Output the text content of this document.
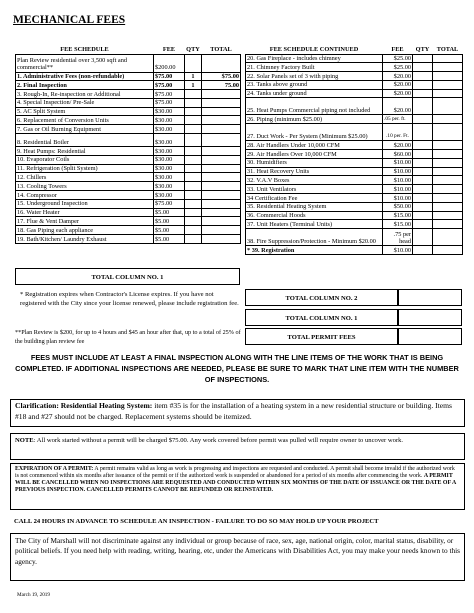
MECHANICAL FEES
FEE SCHEDULE	FEE	QTY	TOTAL
Plan Review residential over 3,500 sqft and commercial**	$200.00		
1. Administrative Fees (non-refundable)	$75.00	1	$75.00
2. Final Inspection	$75.00	1	75.00
3. Rough-In, Re-inspection or Additional	$75.00		
4. Special Inspection/ Pre-Sale	$75.00		
5. AC Split System	$30.00		
6. Replacement of Conversion Units	$30.00		
7. Gas or Oil Burning Equipment	$30.00		
8. Residential Boiler	$30.00		
9. Heat Pumps: Residential	$30.00		
10. Evaporator Coils	$30.00		
11. Refrigeration (Split System)	$30.00		
12. Chillers	$30.00		
13. Cooling Towers	$30.00		
14. Compressor	$30.00		
15. Underground Inspection	$75.00		
16. Water Heater	$5.00		
17. Flue & Vent Damper	$5.00		
18. Gas Piping each appliance	$5.00		
19. Bath/Kitchen/ Laundry Exhaust	$5.00		
FEE SCHEDULE CONTINUED	FEE	QTY	TOTAL
20. Gas Fireplace - includes chimney	$25.00		
21. Chimney Factory Built	$25.00		
22. Solar Panels set of 3 with piping	$20.00		
23. Tanks above ground	$20.00		
24. Tanks under ground	$20.00		
25. Heat Pumps Commercial piping not included	$20.00		
26. Piping (minimum $25.00)	.05 per. ft.		
27. Duct Work - Per System (Minimum $25.00)	.10 per. Ft.		
28. Air Handlers Under 10,000 CFM	$20.00		
29. Air Handlers Over 10,000 CFM	$60.00		
30. Humidifiers	$10.00		
31. Heat Recovery Units	$10.00		
32. V.A.V Boxes	$10.00		
33. Unit Ventilators	$10.00		
34 Certification Fee	$10.00		
35. Residential Heating System	$50.00		
36. Commercial Hoods	$15.00		
37. Unit Heaters (Terminal Units)	$15.00		
38. Fire Suppression/Protection - Minimum $20.00	.75 per head		
* 39. Registration	$10.00		
TOTAL COLUMN NO. 1
TOTAL COLUMN NO. 2
TOTAL COLUMN NO. 1
TOTAL PERMIT FEES
* Registration expires when Contractor's License expires. If you have not registered with the City since your license renewed, please include registration fee.
**Plan Review is $200, for up to 4 hours and $45 an hour after that, up to a total of 25% of the building plan review fee
FEES MUST INCLUDE AT LEAST A FINAL INSPECTION ALONG WITH THE LINE ITEMS OF THE WORK THAT IS BEING COMPLETED. IF ADDITIONAL INSPECTIONS ARE NEEDED, PLEASE BE SURE TO MARK THAT LINE ITEM WITH THE NUMBER OF INSPECTIONS.
Clarification: Residential Heating System: item #35 is for the installation of a heating system in a new residential structure or building. Items #18 and #27 should not be charged. Replacement systems should be itemized.
NOTE: All work started without a permit will be charged $75.00. Any work covered before permit was pulled will require owner to uncover work.
EXPIRATION OF A PERMIT: A permit remains valid as long as work is progressing and inspections are requested and conducted. A permit shall become invalid if the authorized work is not commenced within six months after issuance of the permit or if the authorized work is suspended or abandoned for a period of six months after commencing the work. A PERMIT WILL BE CANCELLED WHEN NO INSPECTIONS ARE REQUESTED AND CONDUCTED WITHIN SIX MONTHS OF THE DATE OF ISSUANCE OR THE DATE OF A PREVIOUS INSPECTION. CANCELLED PERMITS CANNOT BE REFUNDED OR REINSTATED.
CALL 24 HOURS IN ADVANCE TO SCHEDULE AN INSPECTION - FAILURE TO DO SO MAY HOLD UP YOUR PROJECT
The City of Marshall will not discriminate against any individual or group because of race, sex, age, national origin, color, marital status, disability, or political beliefs. If you need help with reading, writing, hearing, etc, under the Americans with Disabilities Act, you may make your needs known to this agency.
March 19, 2019
